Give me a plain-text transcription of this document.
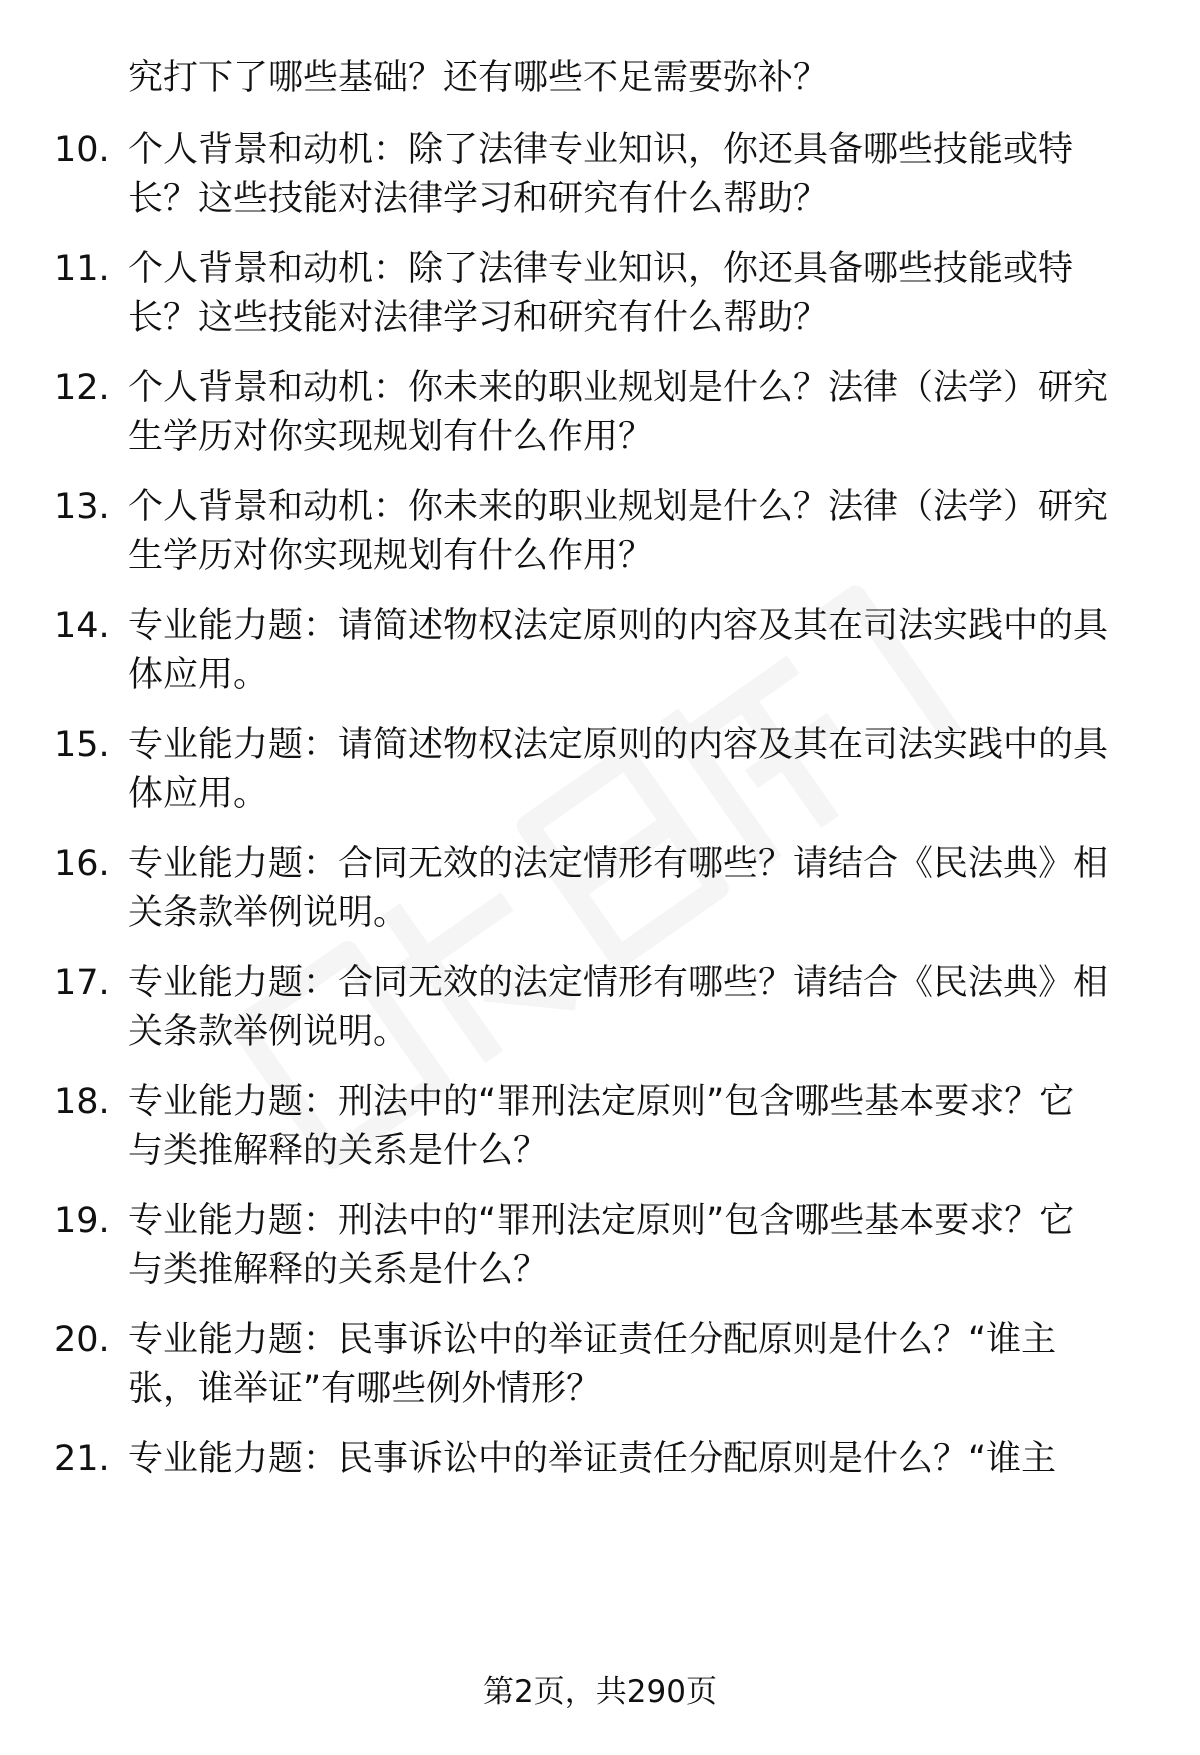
究打下了哪些基础？还有哪些不足需要弥补？
10. 个人背景和动机：除了法律专业知识，你还具备哪些技能或特
长？这些技能对法律学习和研究有什么帮助？
11. 个人背景和动机：除了法律专业知识，你还具备哪些技能或特
长？这些技能对法律学习和研究有什么帮助？
12. 个人背景和动机：你未来的职业规划是什么？法律（法学）研究
生学历对你实现规划有什么作用？
13. 个人背景和动机：你未来的职业规划是什么？法律（法学）研究
生学历对你实现规划有什么作用？
14. 专业能力题：请简述物权法定原则的内容及其在司法实践中的具
体应用。
15. 专业能力题：请简述物权法定原则的内容及其在司法实践中的具
体应用。
16. 专业能力题：合同无效的法定情形有哪些？请结合《民法典》相
关条款举例说明。
17. 专业能力题：合同无效的法定情形有哪些？请结合《民法典》相
关条款举例说明。
18. 专业能力题：刑法中的“罪刑法定原则”包含哪些基本要求？它
与类推解释的关系是什么？
19. 专业能力题：刑法中的“罪刑法定原则”包含哪些基本要求？它
与类推解释的关系是什么？
20. 专业能力题：民事诉讼中的举证责任分配原则是什么？“谁主
张，谁举证”有哪些例外情形？
21. 专业能力题：民事诉讼中的举证责任分配原则是什么？“谁主
第2页，共290页
